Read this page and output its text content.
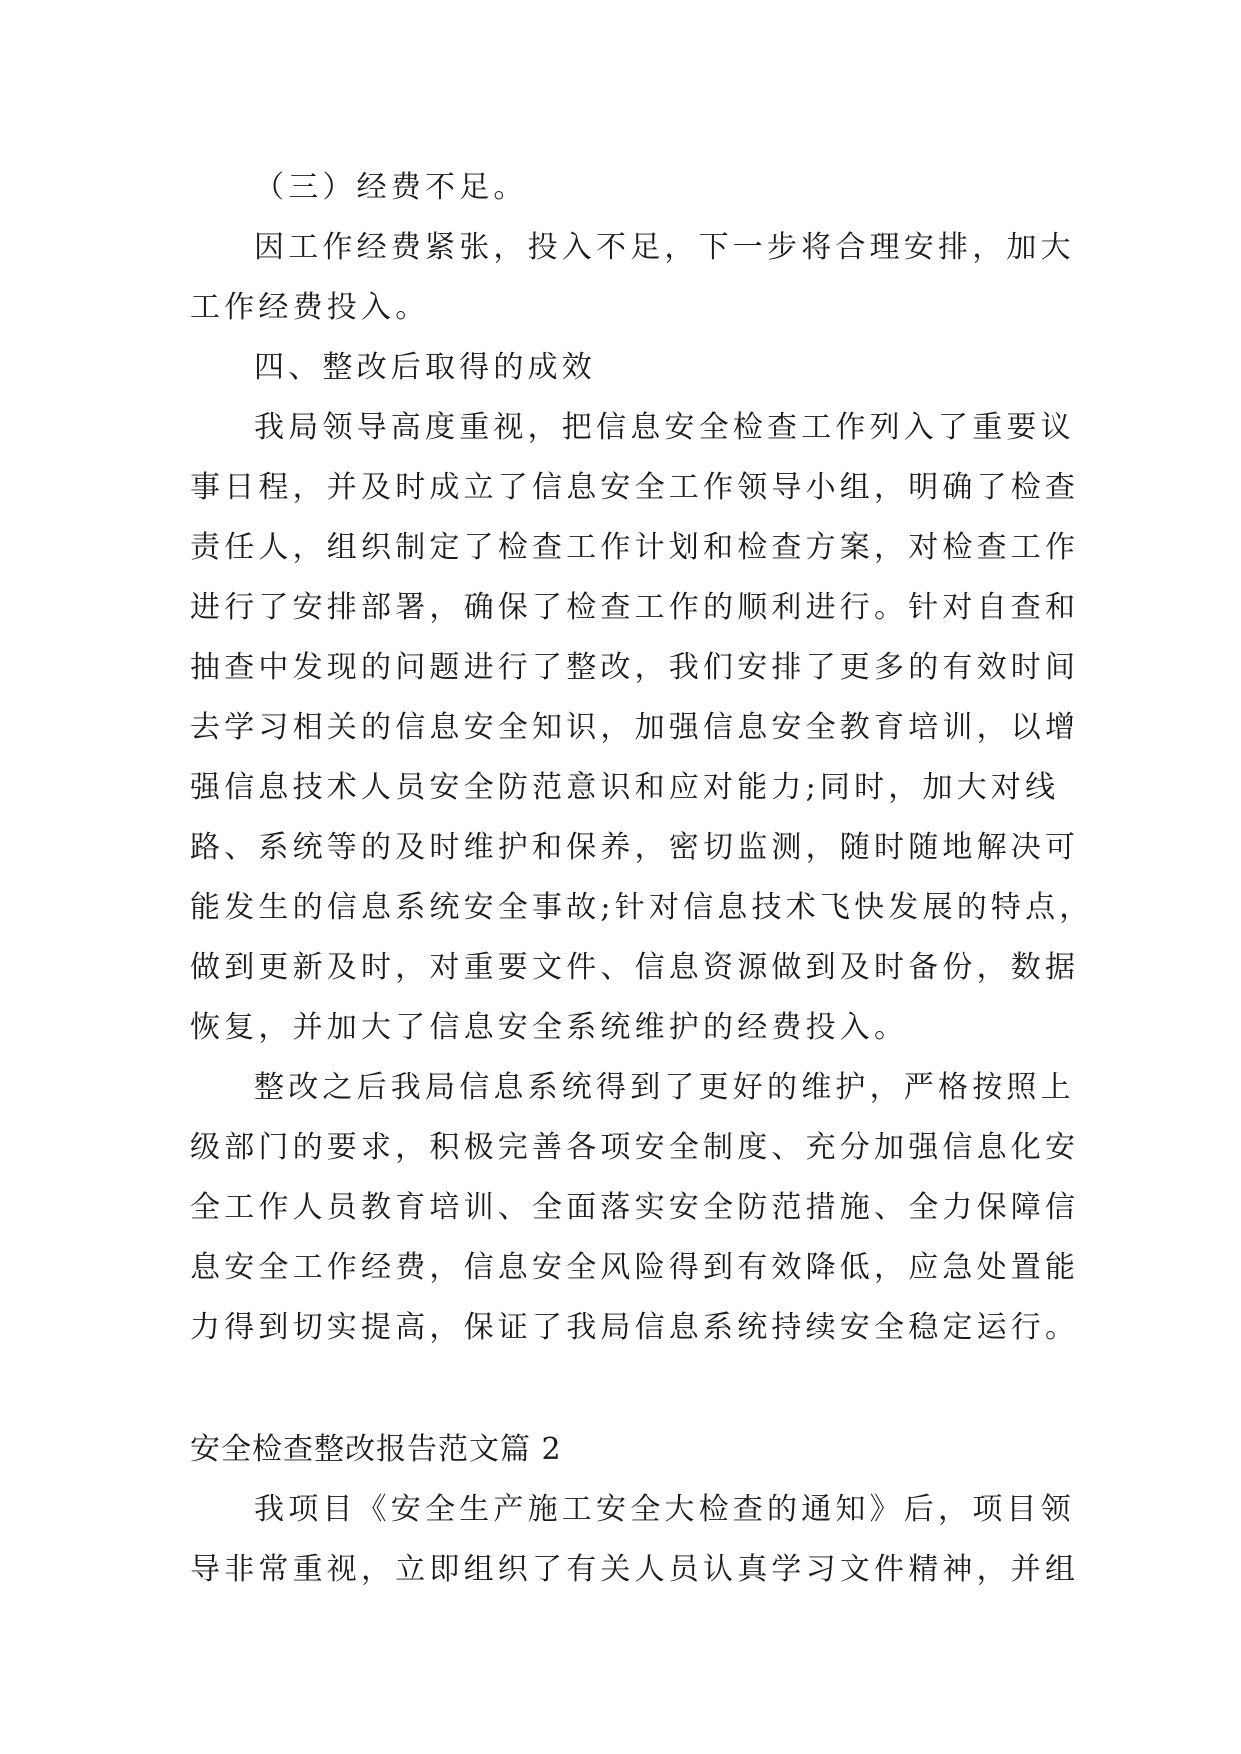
（三）经费不足。
因工作经费紧张，投入不足，下一步将合理安排，加大
工作经费投入。
四、整改后取得的成效
我局领导高度重视，把信息安全检查工作列入了重要议
事日程，并及时成立了信息安全工作领导小组，明确了检查
责任人，组织制定了检查工作计划和检查方案，对检查工作
进行了安排部署，确保了检查工作的顺利进行。针对自查和
抽查中发现的问题进行了整改，我们安排了更多的有效时间
去学习相关的信息安全知识，加强信息安全教育培训，以增
强信息技术人员安全防范意识和应对能力;同时，加大对线
路、系统等的及时维护和保养，密切监测，随时随地解决可
能发生的信息系统安全事故;针对信息技术飞快发展的特点，
做到更新及时，对重要文件、信息资源做到及时备份，数据
恢复，并加大了信息安全系统维护的经费投入。
整改之后我局信息系统得到了更好的维护，严格按照上
级部门的要求，积极完善各项安全制度、充分加强信息化安
全工作人员教育培训、全面落实安全防范措施、全力保障信
息安全工作经费，信息安全风险得到有效降低，应急处置能
力得到切实提高，保证了我局信息系统持续安全稳定运行。
安全检查整改报告范文篇 2
我项目《安全生产施工安全大检查的通知》后，项目领
导非常重视，立即组织了有关人员认真学习文件精神，并组
